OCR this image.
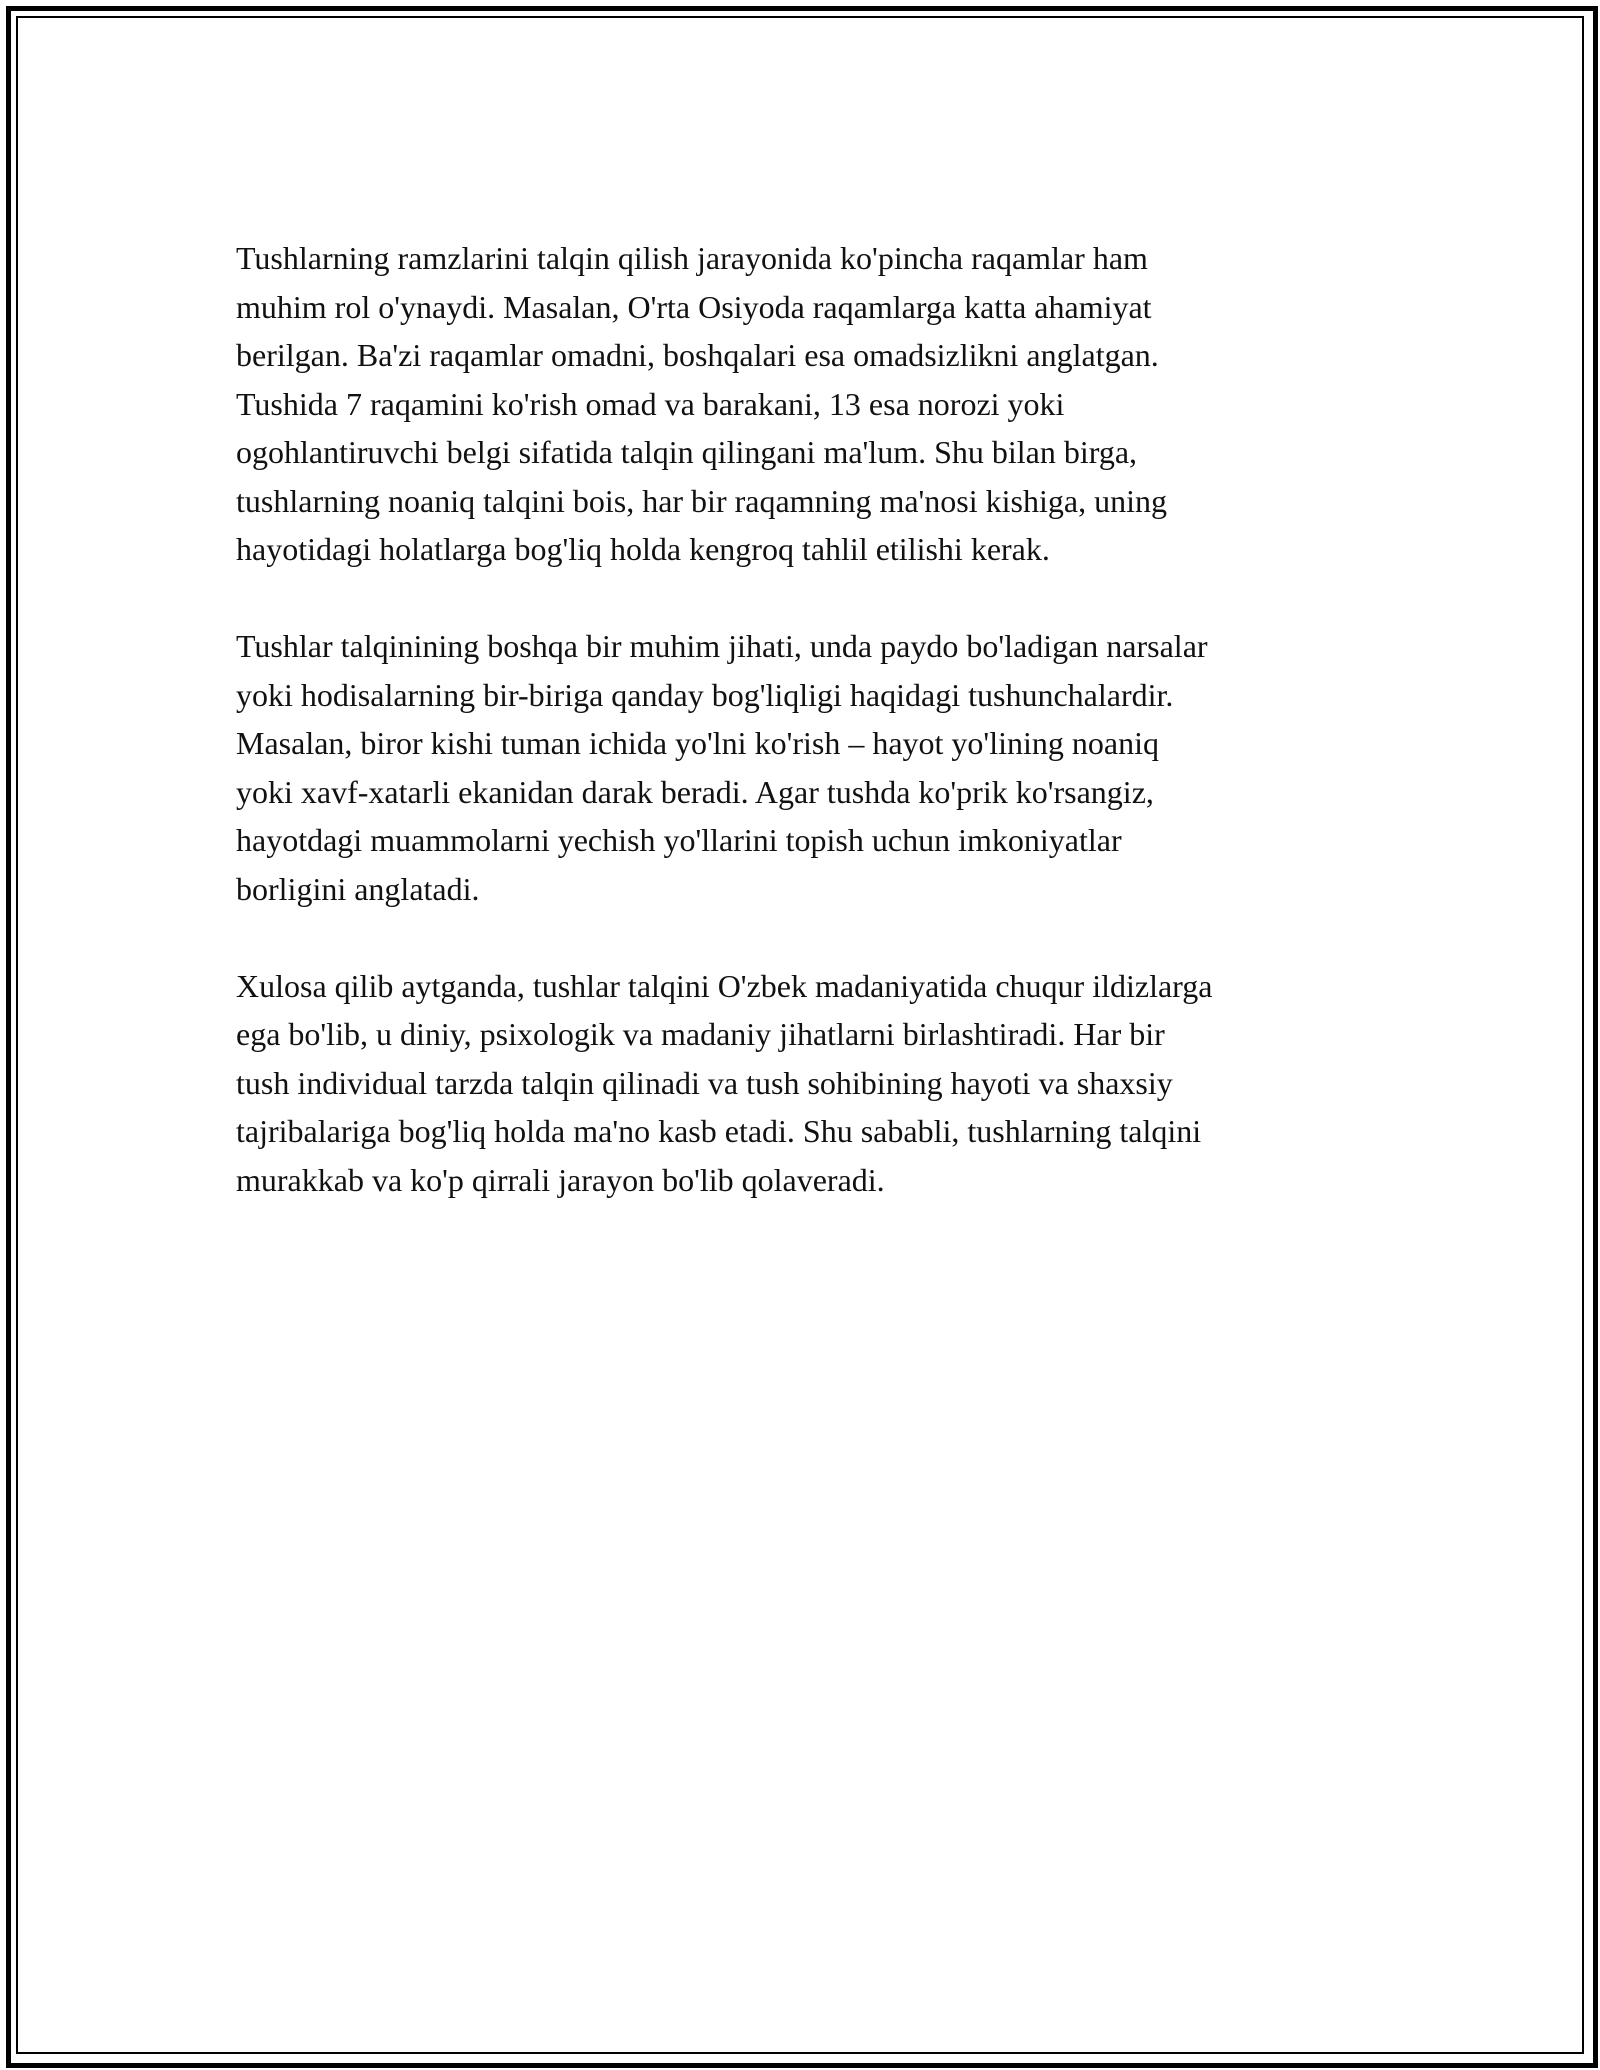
Tushlarning ramzlarini talqin qilish jarayonida ko'pincha raqamlar ham
muhim rol o'ynaydi. Masalan, O'rta Osiyoda raqamlarga katta ahamiyat
berilgan. Ba'zi raqamlar omadni, boshqalari esa omadsizlikni anglatgan.
Tushida 7 raqamini ko'rish omad va barakani, 13 esa norozi yoki
ogohlantiruvchi belgi sifatida talqin qilingani ma'lum. Shu bilan birga,
tushlarning noaniq talqini bois, har bir raqamning ma'nosi kishiga, uning
hayotidagi holatlarga bog'liq holda kengroq tahlil etilishi kerak.

Tushlar talqinining boshqa bir muhim jihati, unda paydo bo'ladigan narsalar
yoki hodisalarning bir-biriga qanday bog'liqligi haqidagi tushunchalardir.
Masalan, biror kishi tuman ichida yo'lni ko'rish – hayot yo'lining noaniq
yoki xavf-xatarli ekanidan darak beradi. Agar tushda ko'prik ko'rsangiz,
hayotdagi muammolarni yechish yo'llarini topish uchun imkoniyatlar
borligini anglatadi.

Xulosa qilib aytganda, tushlar talqini O'zbek madaniyatida chuqur ildizlarga
ega bo'lib, u diniy, psixologik va madaniy jihatlarni birlashtiradi. Har bir
tush individual tarzda talqin qilinadi va tush sohibining hayoti va shaxsiy
tajribalariga bog'liq holda ma'no kasb etadi. Shu sababli, tushlarning talqini
murakkab va ko'p qirrali jarayon bo'lib qolaveradi.
